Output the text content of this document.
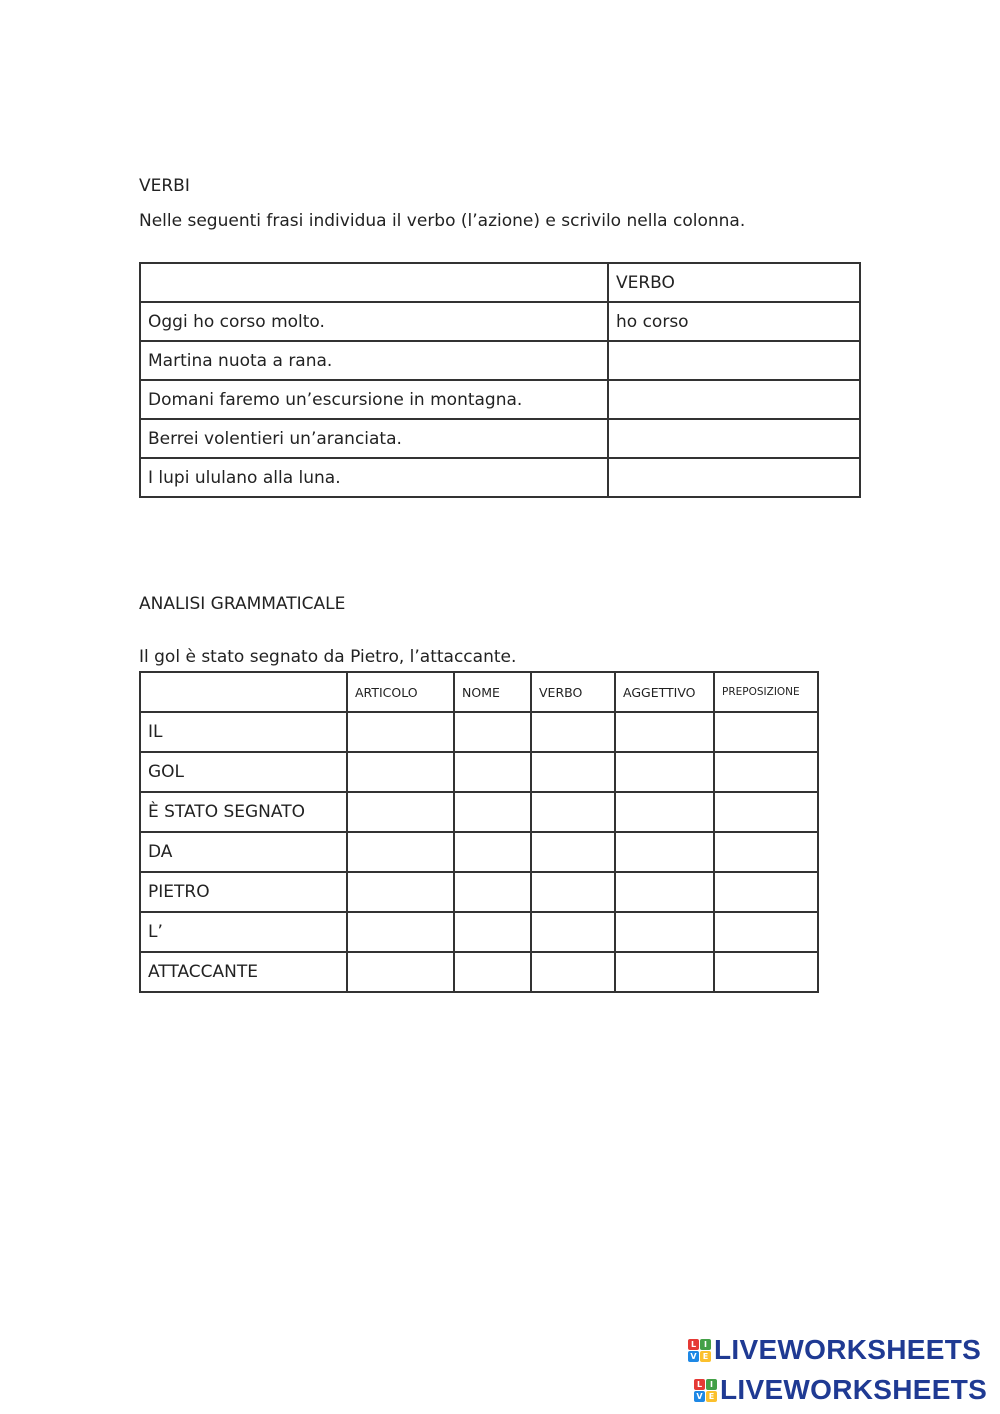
VERBI
Nelle seguenti frasi individua il verbo (l’azione) e scrivilo nella colonna.
	VERBO
Oggi ho corso molto.	ho corso
Martina nuota a rana.	
Domani faremo un’escursione in montagna.	
Berrei volentieri un’aranciata.	
I lupi ululano alla luna.	
ANALISI GRAMMATICALE
Il gol è stato segnato da Pietro, l’attaccante.
	ARTICOLO	NOME	VERBO	AGGETTIVO	PREPOSIZIONE
IL					
GOL					
È STATO SEGNATO					
DA					
PIETRO					
L’					
ATTACCANTE					
L I
V E LIVEWORKSHEETS
L I
V E LIVEWORKSHEETS
